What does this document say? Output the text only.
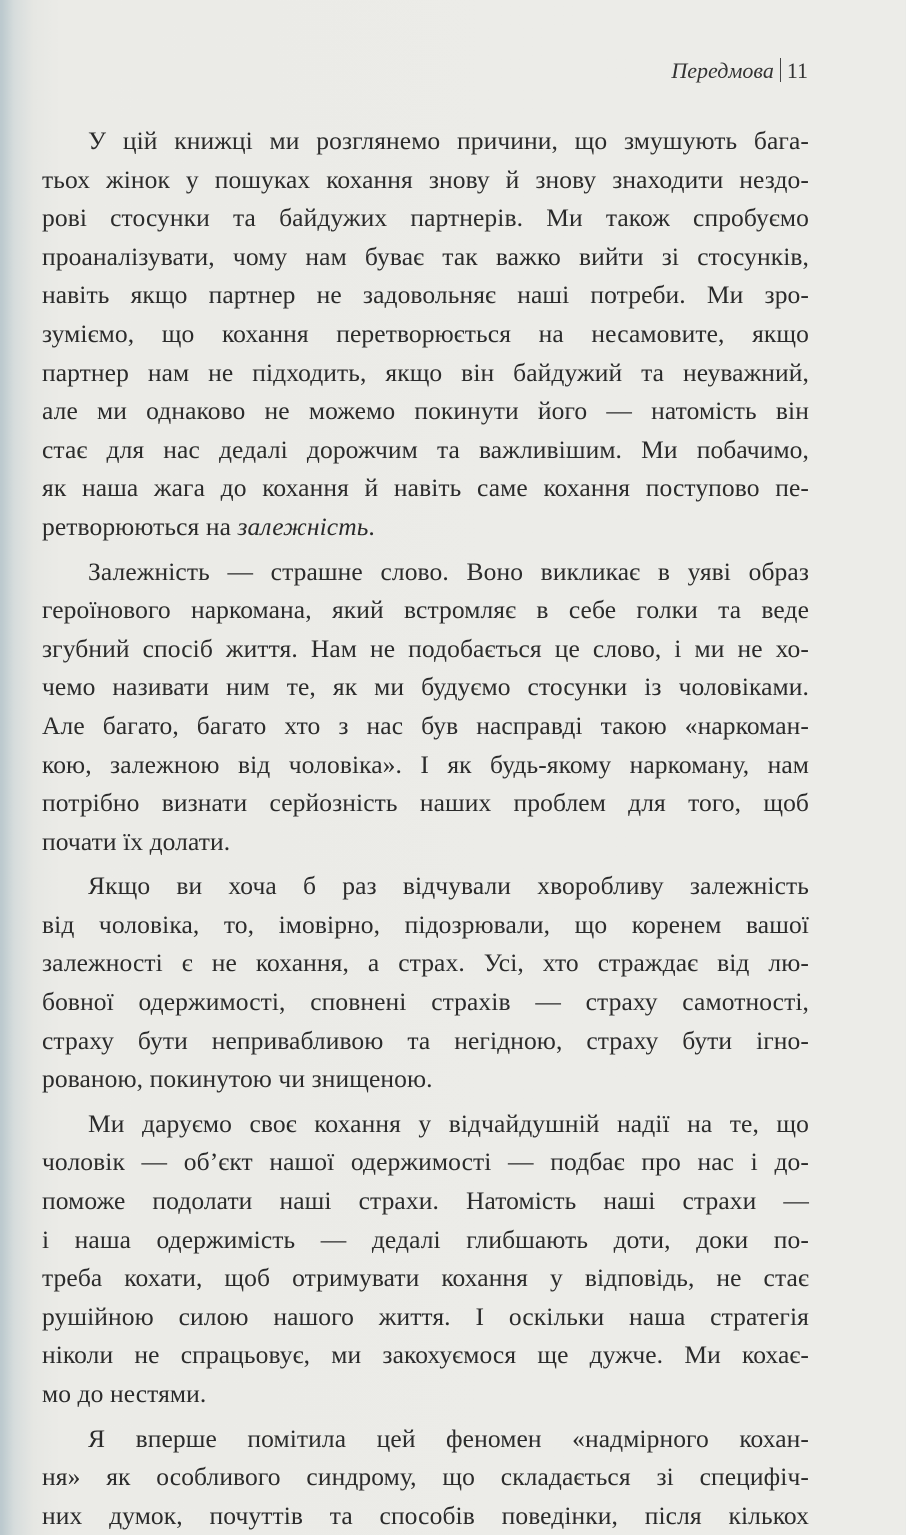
Передмова 11
У цій книжці ми розглянемо причини, що змушують бага-
тьох жінок у пошуках кохання знову й знову знаходити нездо-
рові стосунки та байдужих партнерів. Ми також спробуємо
проаналізувати, чому нам буває так важко вийти зі стосунків,
навіть якщо партнер не задовольняє наші потреби. Ми зро-
зуміємо, що кохання перетворюється на несамовите, якщо
партнер нам не підходить, якщо він байдужий та неуважний,
але ми однаково не можемо покинути його — натомість він
стає для нас дедалі дорожчим та важливішим. Ми побачимо,
як наша жага до кохання й навіть саме кохання поступово пе-
ретворюються на залежність.
Залежність — страшне слово. Воно викликає в уяві образ
героїнового наркомана, який встромляє в себе голки та веде
згубний спосіб життя. Нам не подобається це слово, і ми не хо-
чемо називати ним те, як ми будуємо стосунки із чоловіками.
Але багато, багато хто з нас був насправді такою «наркоман-
кою, залежною від чоловіка». І як будь-якому наркоману, нам
потрібно визнати серйозність наших проблем для того, щоб
почати їх долати.
Якщо ви хоча б раз відчували хворобливу залежність
від чоловіка, то, імовірно, підозрювали, що коренем вашої
залежності є не кохання, а страх. Усі, хто страждає від лю-
бовної одержимості, сповнені страхів — страху самотності,
страху бути непривабливою та негідною, страху бути ігно-
рованою, покинутою чи знищеною.
Ми даруємо своє кохання у відчайдушній надії на те, що
чоловік — об’єкт нашої одержимості — подбає про нас і до-
поможе подолати наші страхи. Натомість наші страхи —
і наша одержимість — дедалі глибшають доти, доки по-
треба кохати, щоб отримувати кохання у відповідь, не стає
рушійною силою нашого життя. І оскільки наша стратегія
ніколи не спрацьовує, ми закохуємося ще дужче. Ми кохає-
мо до нестями.
Я вперше помітила цей феномен «надмірного кохан-
ня» як особливого синдрому, що складається зі специфіч-
них думок, почуттів та способів поведінки, після кількох
